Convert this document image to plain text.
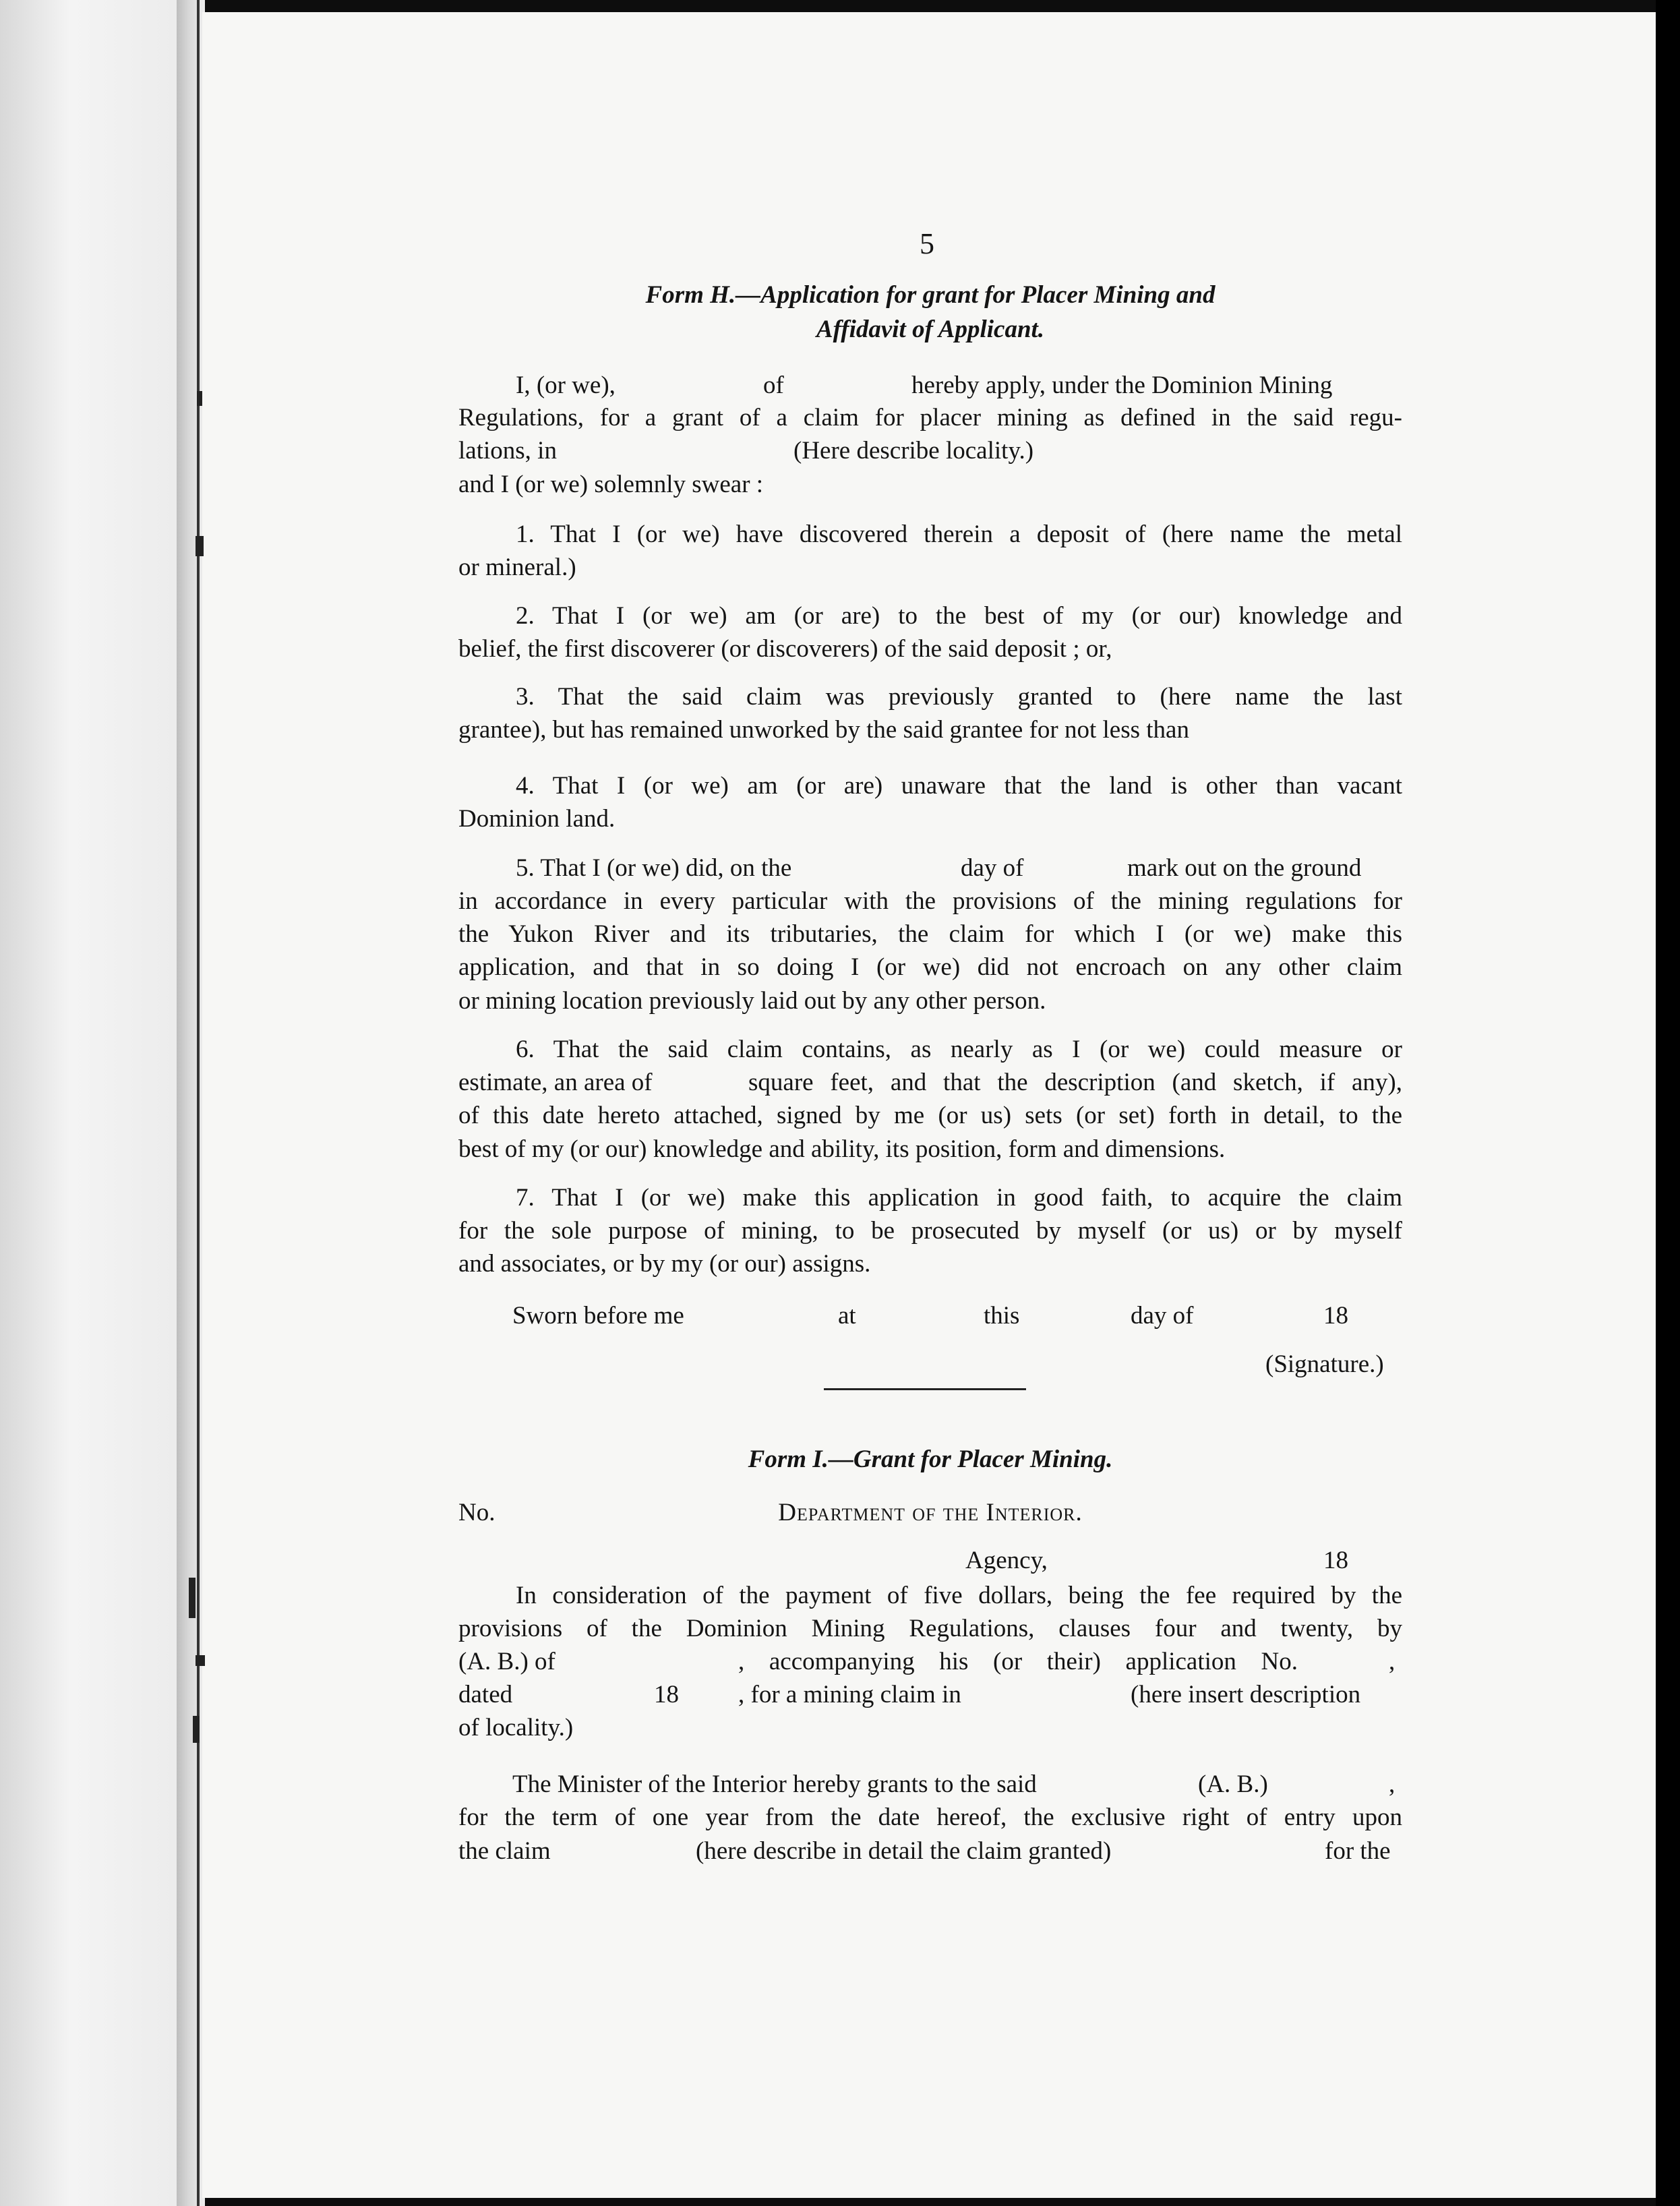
5
Form H.—Application for grant for Placer Mining and
Affidavit of Applicant.
I, (or we),	of	hereby apply, under the Dominion Mining
Regulations, for a grant of a claim for placer mining as defined in the said regu-
lations, in	(Here describe locality.)
and I (or we) solemnly swear :
1. That I (or we) have discovered therein a deposit of (here name the metal
or mineral.)
2. That I (or we) am (or are) to the best of my (or our) knowledge and
belief, the first discoverer (or discoverers) of the said deposit ; or,
3. That the said claim was previously granted to (here name the last
grantee), but has remained unworked by the said grantee for not less than
4. That I (or we) am (or are) unaware that the land is other than vacant
Dominion land.
5. That I (or we) did, on the	day of	mark out on the ground
in accordance in every particular with the provisions of the mining regulations for
the Yukon River and its tributaries, the claim for which I (or we) make this
application, and that in so doing I (or we) did not encroach on any other claim
or mining location previously laid out by any other person.
6. That the said claim contains, as nearly as I (or we) could measure or
estimate, an area of	square feet, and that the description (and sketch, if any),
of this date hereto attached, signed by me (or us) sets (or set) forth in detail, to the
best of my (or our) knowledge and ability, its position, form and dimensions.
7. That I (or we) make this application in good faith, to acquire the claim
for the sole purpose of mining, to be prosecuted by myself (or us) or by myself
and associates, or by my (or our) assigns.
Sworn before me	at	this	day of	18
(Signature.)
Form I.—Grant for Placer Mining.
No.	Department of the Interior.
Agency,	18
In consideration of the payment of five dollars, being the fee required by the
provisions of the Dominion Mining Regulations, clauses four and twenty, by
(A. B.) of	, accompanying his (or their) application No.	,
dated	18 , for a mining claim in	(here insert description
of locality.)
The Minister of the Interior hereby grants to the said	(A. B.)	,
for the term of one year from the date hereof, the exclusive right of entry upon
the claim	(here describe in detail the claim granted)	for the
